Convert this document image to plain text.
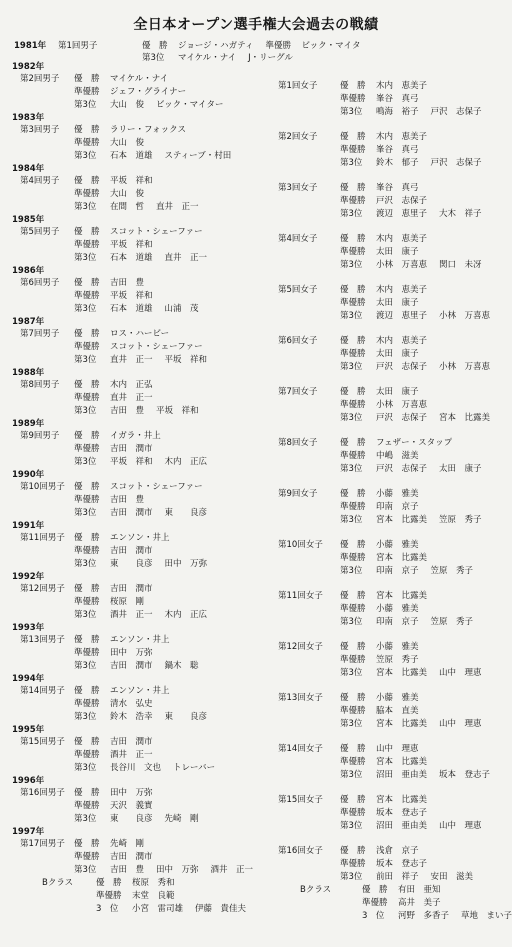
全日本オープン選手権大会過去の戦績
1981年 第1回男子	優　勝 ジョージ・ハガティ 準優勝 ビック・マイタ
第3位 マイケル・ナイ J・リーグル
1982年
第2回男子 優　勝 マイケル・ナイ
準優勝 ジェフ・グライナー
第3位 大山　俊 ビック・マイター
1983年
第3回男子 優　勝 ラリー・フォックス
準優勝 大山　俊
第3位 石本　道雄 スティーブ・村田
1984年
第4回男子 優　勝 平坂　祥和
準優勝 大山　俊
第3位 在間　哲 直井　正一
1985年
第5回男子 優　勝 スコット・シェーファー
準優勝 平坂　祥和
第3位 石本　道雄 直井　正一
1986年
第6回男子 優　勝 吉田　豊
準優勝 平坂　祥和
第3位 石本　道雄 山浦　茂
1987年
第7回男子 優　勝 ロス・ハービー
準優勝 スコット・シェーファー
第3位 直井　正一 平坂　祥和
1988年
第8回男子 優　勝 木内　正弘
準優勝 直井　正一
第3位 吉田　豊 平坂　祥和
1989年
第9回男子 優　勝 イガラ・井上
準優勝 吉田　潤市
第3位 平坂　祥和 木内　正広
1990年
第10回男子 優　勝 スコット・シェーファー
準優勝 吉田　豊
第3位 吉田　潤市 東　　良彦
1991年
第11回男子 優　勝 エンソン・井上
準優勝 吉田　潤市
第3位 東　　良彦 田中　万弥
1992年
第12回男子 優　勝 吉田　潤市
準優勝 桜原　剛
第3位 酒井　正一 木内　正広
1993年
第13回男子 優　勝 エンソン・井上
準優勝 田中　万弥
第3位 吉田　潤市 鍋木　聡
1994年
第14回男子 優　勝 エンソン・井上
準優勝 清水　弘史
第3位 鈴木　浩幸 東　　良彦
1995年
第15回男子 優　勝 吉田　潤市
準優勝 酒井　正一
第3位 長谷川　文也 トレーバー
1996年
第16回男子 優　勝 田中　万弥
準優勝 天沢　義實
第3位 東　　良彦 先崎　剛
1997年
第17回男子 優　勝 先崎　剛
準優勝 吉田　潤市
第3位 吉田　豊 田中　万弥 酒井　正一
Bクラス	優　勝 桜原　秀和
準優勝 末堂　良範
3　位 小宮　雷司雄 伊藤　貴佳夫
第1回女子	優　勝 木内　恵美子
準優勝 峯谷　真弓
第3位 鳴海　裕子 戸沢　志保子
第2回女子	優　勝 木内　恵美子
準優勝 峯谷　真弓
第3位 鈴木　郁子 戸沢　志保子
第3回女子	優　勝 峯谷　真弓
準優勝 戸沢　志保子
第3位 渡辺　恵里子 大木　祥子
第4回女子	優　勝 木内　恵美子
準優勝 太田　康子
第3位 小林　万喜恵 関口　未冴
第5回女子	優　勝 木内　恵美子
準優勝 太田　康子
第3位 渡辺　恵里子 小林　万喜恵
第6回女子	優　勝 木内　恵美子
準優勝 太田　康子
第3位 戸沢　志保子 小林　万喜恵
第7回女子	優　勝 太田　康子
準優勝 小林　万喜恵
第3位 戸沢　志保子 宮本　比露美
第8回女子	優　勝 フェザー・スタップ
準優勝 中嶋　滋美
第3位 戸沢　志保子 太田　康子
第9回女子	優　勝 小藤　雅美
準優勝 印南　京子
第3位 宮本　比露美 笠原　秀子
第10回女子 優　勝 小藤　雅美
準優勝 宮本　比露美
第3位 印南　京子 笠原　秀子
第11回女子 優　勝 宮本　比露美
準優勝 小藤　雅美
第3位 印南　京子 笠原　秀子
第12回女子 優　勝 小藤　雅美
準優勝 笠原　秀子
第3位 宮本　比露美 山中　理恵
第13回女子 優　勝 小藤　雅美
準優勝 脇本　直美
第3位 宮本　比露美 山中　理恵
第14回女子 優　勝 山中　理恵
準優勝 宮本　比露美
第3位 沼田　亜由美 坂本　登志子
第15回女子 優　勝 宮本　比露美
準優勝 坂本　登志子
第3位 沼田　亜由美 山中　理恵
第16回女子 優　勝 浅倉　京子
準優勝 坂本　登志子
第3位 前田　祥子 安田　滋美
Bクラス	優　勝 有田　亜知
準優勝 高井　美子
3　位 河野　多香子 草地　まい子
